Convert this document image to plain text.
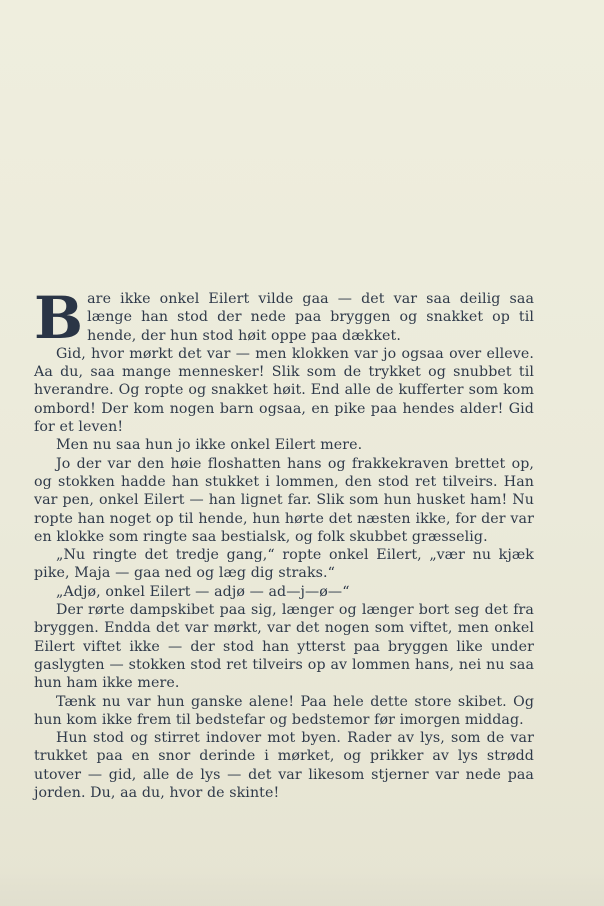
Bare ikke onkel Eilert vilde gaa — det var saa deilig saa længe han stod der nede paa bryggen og snakket op til hende, der hun stod høit oppe paa dækket.

Gid, hvor mørkt det var — men klokken var jo ogsaa over elleve. Aa du, saa mange mennesker! Slik som de trykket og snubbet til hverandre. Og ropte og snakket høit. End alle de kufferter som kom ombord! Der kom nogen barn ogsaa, en pike paa hendes alder! Gid for et leven!

Men nu saa hun jo ikke onkel Eilert mere.

Jo der var den høie floshatten hans og frakkekraven brettet op, og stokken hadde han stukket i lommen, den stod ret tilveirs. Han var pen, onkel Eilert — han lignet far. Slik som hun husket ham! Nu ropte han noget op til hende, hun hørte det næsten ikke, for der var en klokke som ringte saa bestialsk, og folk skubbet græsselig.

„Nu ringte det tredje gang,“ ropte onkel Eilert, „vær nu kjæk pike, Maja — gaa ned og læg dig straks.“

„Adjø, onkel Eilert — adjø — ad—j—ø—“

Der rørte dampskibet paa sig, længer og længer bort seg det fra bryggen. Endda det var mørkt, var det nogen som viftet, men onkel Eilert viftet ikke — der stod han ytterst paa bryggen like under gaslygten — stokken stod ret tilveirs op av lommen hans, nei nu saa hun ham ikke mere.

Tænk nu var hun ganske alene! Paa hele dette store skibet. Og hun kom ikke frem til bedstefar og bedstemor før imorgen middag.

Hun stod og stirret indover mot byen. Rader av lys, som de var trukket paa en snor derinde i mørket, og prikker av lys strødd utover — gid, alle de lys — det var likesom stjerner var nede paa jorden. Du, aa du, hvor de skinte!
